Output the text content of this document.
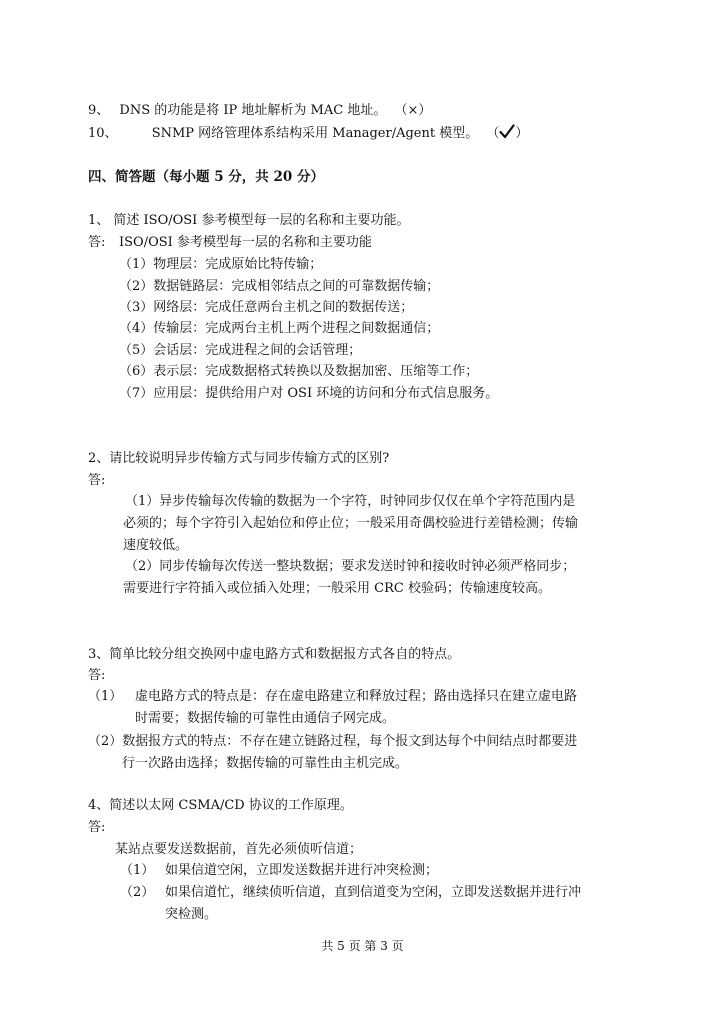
9、 DNS 的功能是将 IP 地址解析为 MAC 地址。 （×）
10、	SNMP 网络管理体系结构采用 Manager/Agent 模型。 （ ）
四、简答题（每小题 5 分，共 20 分）
1、 简述 ISO/OSI 参考模型每一层的名称和主要功能。
答: ISO/OSI 参考模型每一层的名称和主要功能
（1）物理层：完成原始比特传输；
（2）数据链路层：完成相邻结点之间的可靠数据传输；
（3）网络层：完成任意两台主机之间的数据传送；
（4）传输层：完成两台主机上两个进程之间数据通信；
（5）会话层：完成进程之间的会话管理；
（6）表示层：完成数据格式转换以及数据加密、压缩等工作；
（7）应用层：提供给用户对 OSI 环境的访问和分布式信息服务。
2、请比较说明异步传输方式与同步传输方式的区别?
答:
（1）异步传输每次传输的数据为一个字符，时钟同步仅仅在单个字符范围内是
必须的；每个字符引入起始位和停止位；一般采用奇偶校验进行差错检测；传输
速度较低。
（2）同步传输每次传送一整块数据；要求发送时钟和接收时钟必须严格同步；
需要进行字符插入或位插入处理；一般采用 CRC 校验码；传输速度较高。
3、简单比较分组交换网中虚电路方式和数据报方式各自的特点。
答:
（1） 虚电路方式的特点是：存在虚电路建立和释放过程；路由选择只在建立虚电路
时需要；数据传输的可靠性由通信子网完成。
（2）数据报方式的特点：不存在建立链路过程，每个报文到达每个中间结点时都要进
行一次路由选择；数据传输的可靠性由主机完成。
4、简述以太网 CSMA/CD 协议的工作原理。
答:
某站点要发送数据前，首先必须侦听信道；
（1） 如果信道空闲，立即发送数据并进行冲突检测；
（2） 如果信道忙，继续侦听信道，直到信道变为空闲，立即发送数据并进行冲
突检测。
共 5 页 第 3 页
